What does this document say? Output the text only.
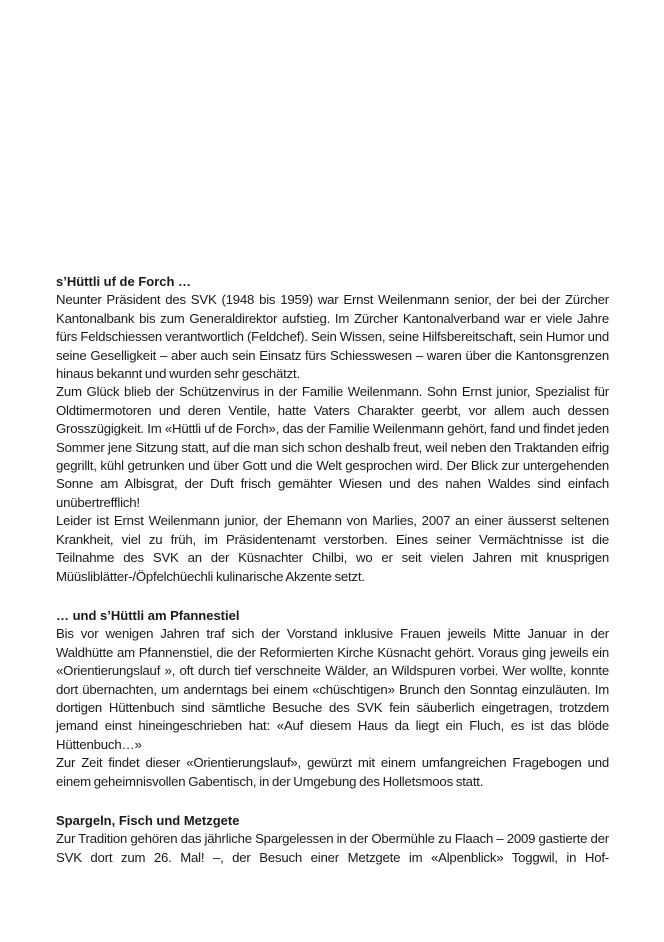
s’Hüttli uf de Forch …

Neunter Präsident des SVK (1948 bis 1959) war Ernst Weilenmann senior, der bei der Zürcher Kantonalbank bis zum Generaldirektor aufstieg. Im Zürcher Kantonalverband war er viele Jahre fürs Feldschiessen verantwortlich (Feldchef). Sein Wissen, seine Hilfsbereitschaft, sein Humor und seine Geselligkeit – aber auch sein Einsatz fürs Schiesswesen – waren über die Kantonsgrenzen hinaus bekannt und wurden sehr geschätzt.

Zum Glück blieb der Schützenvirus in der Familie Weilenmann. Sohn Ernst junior, Spezialist für Oldtimermotoren und deren Ventile, hatte Vaters Charakter geerbt, vor allem auch dessen Grosszügigkeit. Im «Hüttli uf de Forch», das der Familie Weilenmann gehört, fand und findet jeden Sommer jene Sitzung statt, auf die man sich schon deshalb freut, weil neben den Traktanden eifrig gegrillt, kühl getrunken und über Gott und die Welt gesprochen wird. Der Blick zur untergehenden Sonne am Albisgrat, der Duft frisch gemähter Wiesen und des nahen Waldes sind einfach unübertrefflich!

Leider ist Ernst Weilenmann junior, der Ehemann von Marlies, 2007 an einer äusserst seltenen Krankheit, viel zu früh, im Präsidentenamt verstorben. Eines seiner Vermächtnisse ist die Teilnahme des SVK an der Küsnachter Chilbi, wo er seit vielen Jahren mit knusprigen Müüsliblätter-/Öpfelchüechli kulinarische Akzente setzt.

… und s’Hüttli am Pfannestiel

Bis vor wenigen Jahren traf sich der Vorstand inklusive Frauen jeweils Mitte Januar in der Waldhütte am Pfannenstiel, die der Reformierten Kirche Küsnacht gehört. Voraus ging jeweils ein «Orientierungslauf », oft durch tief verschneite Wälder, an Wildspuren vorbei. Wer wollte, konnte dort übernachten, um anderntags bei einem «chüschtigen» Brunch den Sonntag einzuläuten. Im dortigen Hüttenbuch sind sämtliche Besuche des SVK fein säuberlich eingetragen, trotzdem jemand einst hineingeschrieben hat: «Auf diesem Haus da liegt ein Fluch, es ist das blöde Hüttenbuch…»

Zur Zeit findet dieser «Orientierungslauf», gewürzt mit einem umfangreichen Fragebogen und einem geheimnisvollen Gabentisch, in der Umgebung des Holletsmoos statt.

Spargeln, Fisch und Metzgete

Zur Tradition gehören das jährliche Spargelessen in der Obermühle zu Flaach – 2009 gastierte der SVK dort zum 26. Mal! –, der Besuch einer Metzgete im «Alpenblick» Toggwil, in Hof-
